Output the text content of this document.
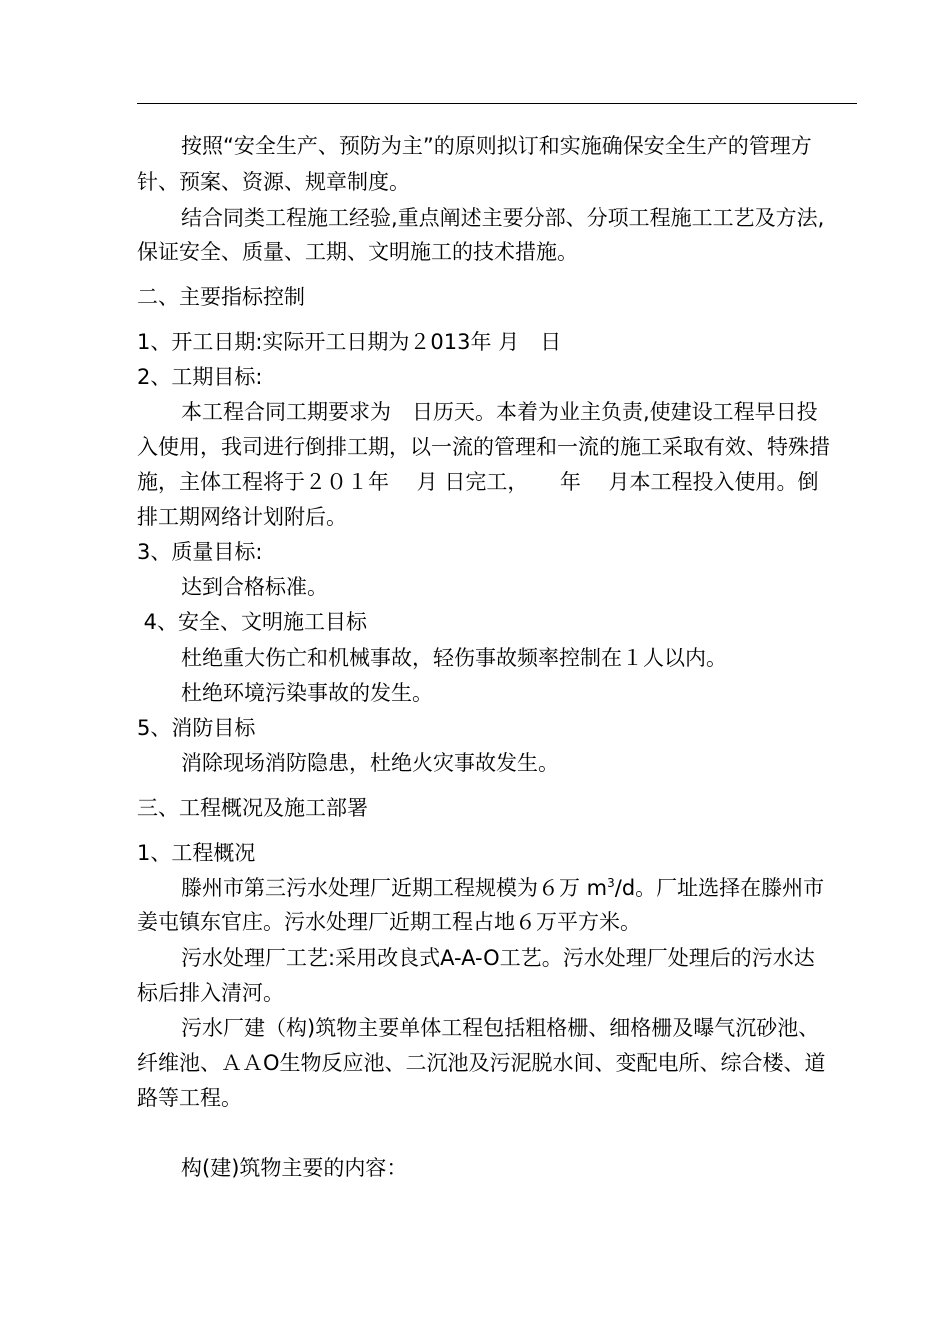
按照“安全生产、预防为主”的原则拟订和实施确保安全生产的管理方
针、预案、资源、规章制度。
结合同类工程施工经验,重点阐述主要分部、分项工程施工工艺及方法,
保证安全、质量、工期、文明施工的技术措施。
二、主要指标控制
1、开工日期:实际开工日期为２013年 月　日
2、工期目标:
本工程合同工期要求为　日历天。本着为业主负责,使建设工程早日投
入使用，我司进行倒排工期，以一流的管理和一流的施工采取有效、特殊措
施，主体工程将于２０１年　 月 日完工，　　年　 月本工程投入使用。倒
排工期网络计划附后。
3、质量目标:
达到合格标准。
4、安全、文明施工目标
杜绝重大伤亡和机械事故，轻伤事故频率控制在１人以内。
杜绝环境污染事故的发生。
5、消防目标
消除现场消防隐患，杜绝火灾事故发生。
三、工程概况及施工部署
1、工程概况
滕州市第三污水处理厂近期工程规模为６万 $m^3/d$。厂址选择在滕州市
姜屯镇东官庄。污水处理厂近期工程占地６万平方米。
污水处理厂工艺:采用改良式A-A-O工艺。污水处理厂处理后的污水达
标后排入清河。
污水厂建（构)筑物主要单体工程包括粗格栅、细格栅及曝气沉砂池、
纤维池、ＡＡO生物反应池、二沉池及污泥脱水间、变配电所、综合楼、道
路等工程。
构(建)筑物主要的内容：
